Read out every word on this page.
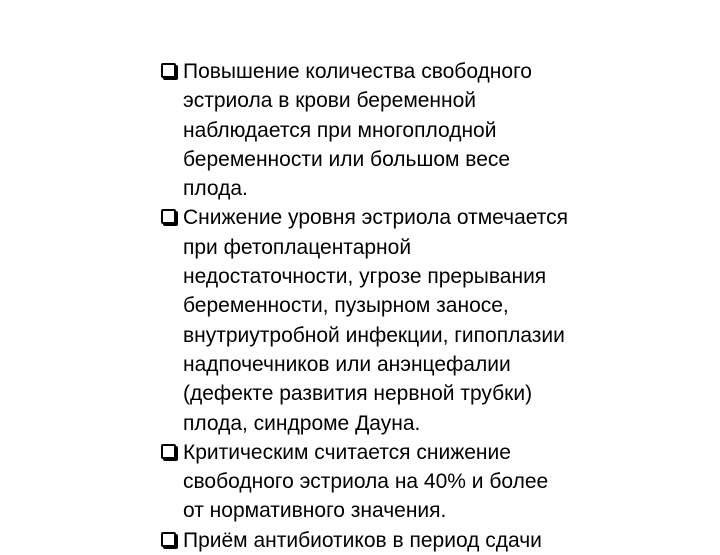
Повышение количества свободного
эстриола в крови беременной
наблюдается при многоплодной
беременности или большом весе
плода.
Снижение уровня эстриола отмечается
при фетоплацентарной
недостаточности, угрозе прерывания
беременности, пузырном заносе,
внутриутробной инфекции, гипоплазии
надпочечников или анэнцефалии
(дефекте развития нервной трубки)
плода, синдроме Дауна.
Критическим считается снижение
свободного эстриола на 40% и более
от нормативного значения.
Приём антибиотиков в период сдачи
